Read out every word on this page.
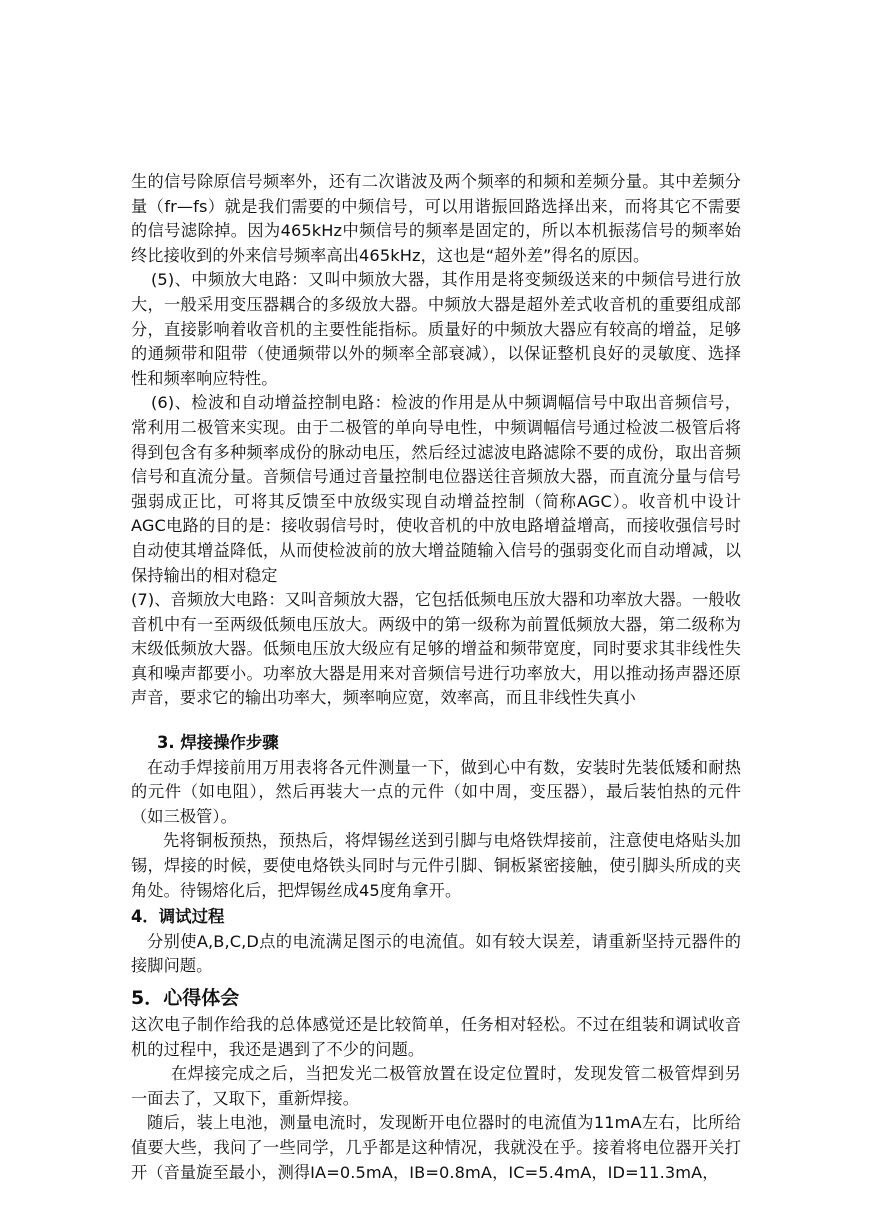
生的信号除原信号频率外，还有二次谐波及两个频率的和频和差频分量。其中差频分量（fr—fs）就是我们需要的中频信号，可以用谐振回路选择出来，而将其它不需要的信号滤除掉。因为465kHz中频信号的频率是固定的，所以本机振荡信号的频率始终比接收到的外来信号频率高出465kHz，这也是“超外差”得名的原因。

(5)、中频放大电路：又叫中频放大器，其作用是将变频级送来的中频信号进行放大，一般采用变压器耦合的多级放大器。中频放大器是超外差式收音机的重要组成部分，直接影响着收音机的主要性能指标。质量好的中频放大器应有较高的增益，足够的通频带和阻带（使通频带以外的频率全部衰减），以保证整机良好的灵敏度、选择性和频率响应特性。

(6)、检波和自动增益控制电路：检波的作用是从中频调幅信号中取出音频信号，常利用二极管来实现。由于二极管的单向导电性，中频调幅信号通过检波二极管后将得到包含有多种频率成份的脉动电压，然后经过滤波电路滤除不要的成份，取出音频信号和直流分量。音频信号通过音量控制电位器送往音频放大器，而直流分量与信号强弱成正比，可将其反馈至中放级实现自动增益控制（简称AGC）。收音机中设计AGC电路的目的是：接收弱信号时，使收音机的中放电路增益增高，而接收强信号时自动使其增益降低，从而使检波前的放大增益随输入信号的强弱变化而自动增减，以保持输出的相对稳定

(7)、音频放大电路：又叫音频放大器，它包括低频电压放大器和功率放大器。一般收音机中有一至两级低频电压放大。两级中的第一级称为前置低频放大器，第二级称为末级低频放大器。低频电压放大级应有足够的增益和频带宽度，同时要求其非线性失真和噪声都要小。功率放大器是用来对音频信号进行功率放大，用以推动扬声器还原声音，要求它的输出功率大，频率响应宽，效率高，而且非线性失真小

3. 焊接操作步骤

在动手焊接前用万用表将各元件测量一下，做到心中有数，安装时先装低矮和耐热的元件（如电阻），然后再装大一点的元件（如中周，变压器），最后装怕热的元件（如三极管）。

先将铜板预热，预热后，将焊锡丝送到引脚与电烙铁焊接前，注意使电烙贴头加锡，焊接的时候，要使电烙铁头同时与元件引脚、铜板紧密接触，使引脚头所成的夹角处。待锡熔化后，把焊锡丝成45度角拿开。

4．调试过程

分别使A,B,C,D点的电流满足图示的电流值。如有较大误差，请重新坚持元器件的接脚问题。

5．心得体会

这次电子制作给我的总体感觉还是比较简单，任务相对轻松。不过在组装和调试收音机的过程中，我还是遇到了不少的问题。

在焊接完成之后，当把发光二极管放置在设定位置时，发现发管二极管焊到另一面去了，又取下，重新焊接。

随后，装上电池，测量电流时，发现断开电位器时的电流值为11mA左右，比所给值要大些，我问了一些同学，几乎都是这种情况，我就没在乎。接着将电位器开关打开（音量旋至最小，测得IA=0.5mA，IB=0.8mA，IC=5.4mA，ID=11.3mA，
